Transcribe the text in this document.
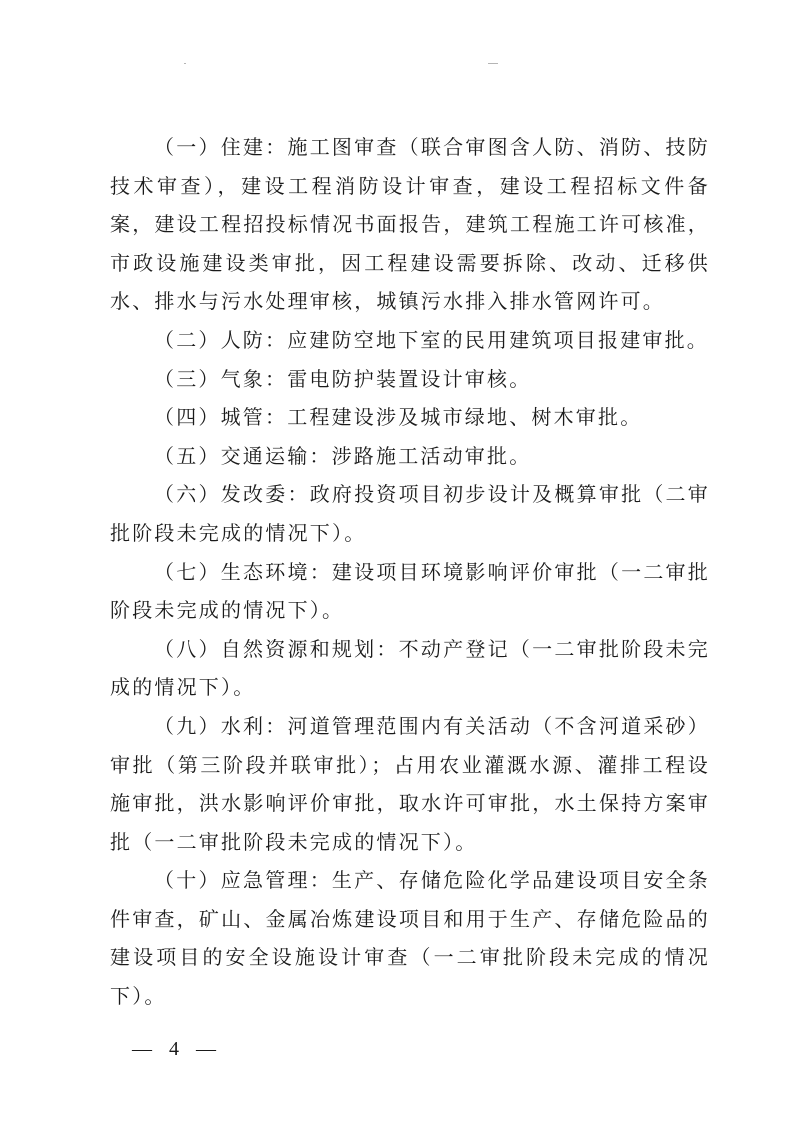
（一）住建：施工图审查（联合审图含人防、消防、技防技术审查），建设工程消防设计审查，建设工程招标文件备案，建设工程招投标情况书面报告，建筑工程施工许可核准，市政设施建设类审批，因工程建设需要拆除、改动、迁移供水、排水与污水处理审核，城镇污水排入排水管网许可。

（二）人防：应建防空地下室的民用建筑项目报建审批。

（三）气象：雷电防护装置设计审核。

（四）城管：工程建设涉及城市绿地、树木审批。

（五）交通运输：涉路施工活动审批。

（六）发改委：政府投资项目初步设计及概算审批（二审批阶段未完成的情况下）。

（七）生态环境：建设项目环境影响评价审批（一二审批阶段未完成的情况下）。

（八）自然资源和规划：不动产登记（一二审批阶段未完成的情况下）。

（九）水利：河道管理范围内有关活动（不含河道采砂）审批（第三阶段并联审批）；占用农业灌溉水源、灌排工程设施审批，洪水影响评价审批，取水许可审批，水土保持方案审批（一二审批阶段未完成的情况下）。

（十）应急管理：生产、存储危险化学品建设项目安全条件审查，矿山、金属冶炼建设项目和用于生产、存储危险品的建设项目的安全设施设计审查（一二审批阶段未完成的情况下）。

— 4 —
